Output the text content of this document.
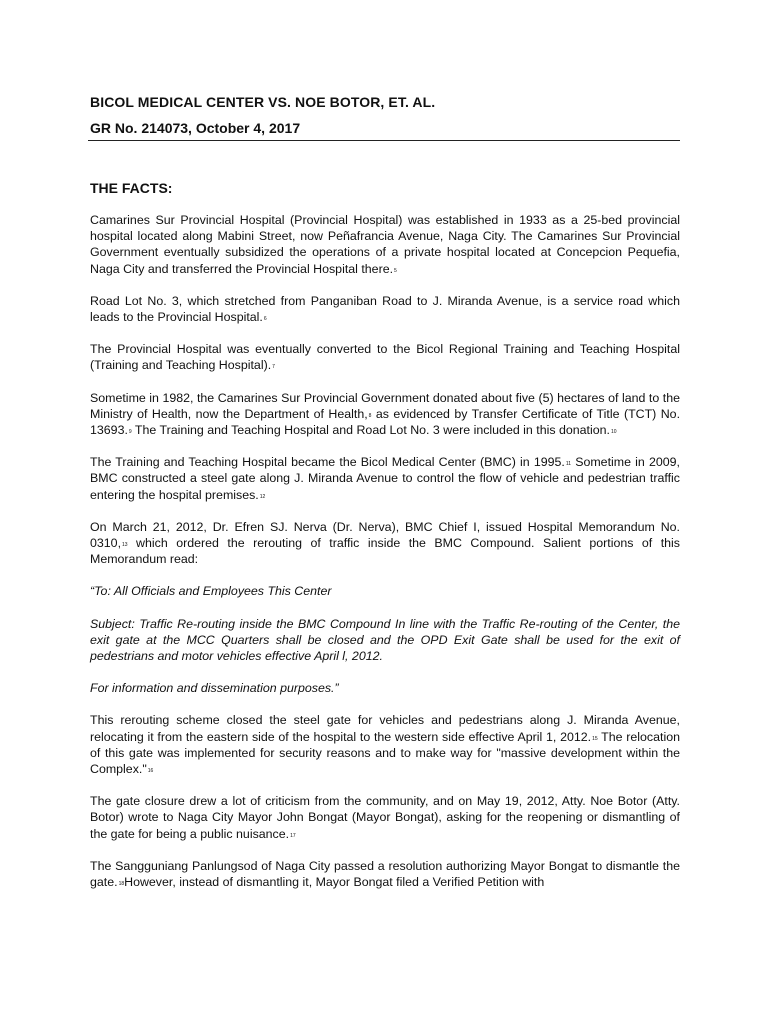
BICOL MEDICAL CENTER VS. NOE BOTOR, ET. AL.
GR No. 214073, October 4, 2017
THE FACTS:

Camarines Sur Provincial Hospital (Provincial Hospital) was established in 1933 as a 25-bed provincial hospital located along Mabini Street, now Peñafrancia Avenue, Naga City. The Camarines Sur Provincial Government eventually subsidized the operations of a private hospital located at Concepcion Pequefia, Naga City and transferred the Provincial Hospital there.$^5$

Road Lot No. 3, which stretched from Panganiban Road to J. Miranda Avenue, is a service road which leads to the Provincial Hospital.$^6$

The Provincial Hospital was eventually converted to the Bicol Regional Training and Teaching Hospital (Training and Teaching Hospital).$^7$

Sometime in 1982, the Camarines Sur Provincial Government donated about five (5) hectares of land to the Ministry of Health, now the Department of Health,$^8$ as evidenced by Transfer Certificate of Title (TCT) No. 13693.$^9$ The Training and Teaching Hospital and Road Lot No. 3 were included in this donation.$^{10}$

The Training and Teaching Hospital became the Bicol Medical Center (BMC) in 1995.11 Sometime in 2009, BMC constructed a steel gate along J. Miranda Avenue to control the flow of vehicle and pedestrian traffic entering the hospital premises.$^{12}$

On March 21, 2012, Dr. Efren SJ. Nerva (Dr. Nerva), BMC Chief I, issued Hospital Memorandum No. 0310,13 which ordered the rerouting of traffic inside the BMC Compound. Salient portions of this Memorandum read:

“To: All Officials and Employees This Center

Subject: Traffic Re-routing inside the BMC Compound In line with the Traffic Re-routing of the Center, the exit gate at the MCC Quarters shall be closed and the OPD Exit Gate shall be used for the exit of pedestrians and motor vehicles effective April l, 2012.

For information and dissemination purposes.”

This rerouting scheme closed the steel gate for vehicles and pedestrians along J. Miranda Avenue, relocating it from the eastern side of the hospital to the western side effective April 1, 2012.15 The relocation of this gate was implemented for security reasons and to make way for "massive development within the Complex."$^{16}$

The gate closure drew a lot of criticism from the community, and on May 19, 2012, Atty. Noe Botor (Atty. Botor) wrote to Naga City Mayor John Bongat (Mayor Bongat), asking for the reopening or dismantling of the gate for being a public nuisance.$^{17}$

The Sangguniang Panlungsod of Naga City passed a resolution authorizing Mayor Bongat to dismantle the gate.$^{18}$However, instead of dismantling it, Mayor Bongat filed a Verified Petition with
